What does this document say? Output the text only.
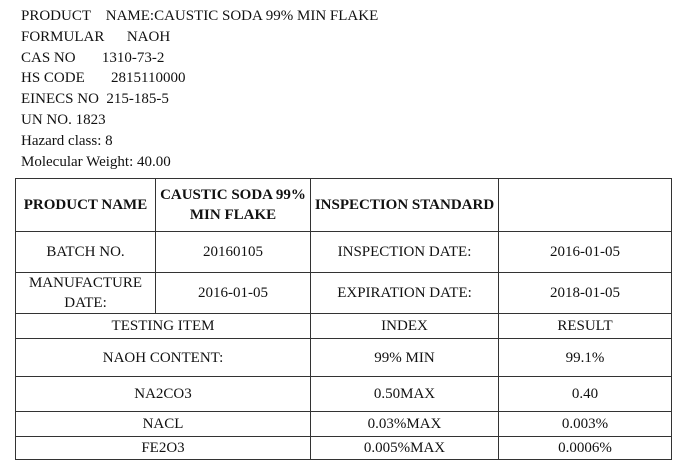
PRODUCT    NAME:CAUSTIC SODA 99% MIN FLAKE
FORMULAR      NAOH
CAS NO       1310-73-2
HS CODE       2815110000
EINECS NO  215-185-5
UN NO. 1823
Hazard class: 8
Molecular Weight: 40.00
PRODUCT NAME	CAUSTIC SODA 99% MIN FLAKE	INSPECTION STANDARD	
BATCH NO.	20160105	INSPECTION DATE:	2016-01-05
MANUFACTURE DATE:	2016-01-05	EXPIRATION DATE:	2018-01-05
TESTING ITEM		INDEX	RESULT
NAOH CONTENT:		99% MIN	99.1%
NA2CO3		0.50MAX	0.40
NACL		0.03%MAX	0.003%
FE2O3		0.005%MAX	0.0006%
